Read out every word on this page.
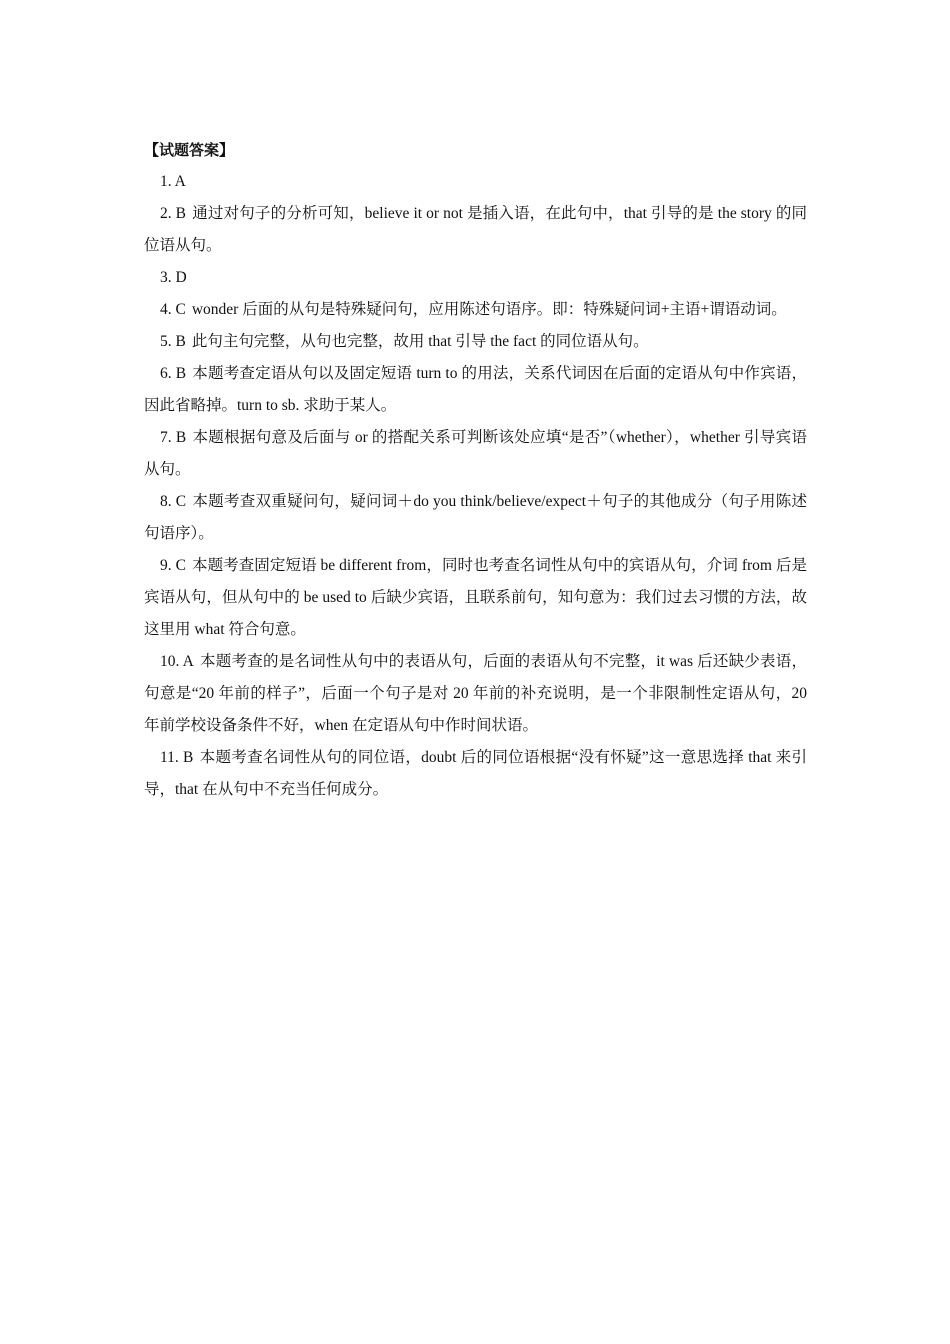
【试题答案】

1. A

2. B 通过对句子的分析可知，believe it or not 是插入语，在此句中，that 引导的是 the story 的同位语从句。

3. D

4. C wonder 后面的从句是特殊疑问句，应用陈述句语序。即：特殊疑问词+主语+谓语动词。

5. B 此句主句完整，从句也完整，故用 that 引导 the fact 的同位语从句。

6. B 本题考查定语从句以及固定短语 turn to 的用法，关系代词因在后面的定语从句中作宾语，因此省略掉。turn to sb. 求助于某人。

7. B 本题根据句意及后面与 or 的搭配关系可判断该处应填“是否”（whether），whether 引导宾语从句。

8. C 本题考查双重疑问句，疑问词＋do you think/believe/expect＋句子的其他成分（句子用陈述句语序）。

9. C 本题考查固定短语 be different from，同时也考查名词性从句中的宾语从句，介词 from 后是宾语从句，但从句中的 be used to 后缺少宾语，且联系前句，知句意为：我们过去习惯的方法，故这里用 what 符合句意。

10. A 本题考查的是名词性从句中的表语从句，后面的表语从句不完整，it was 后还缺少表语，句意是“20 年前的样子”，后面一个句子是对 20 年前的补充说明，是一个非限制性定语从句，20 年前学校设备条件不好，when 在定语从句中作时间状语。

11. B 本题考查名词性从句的同位语，doubt 后的同位语根据“没有怀疑”这一意思选择 that 来引导，that 在从句中不充当任何成分。
